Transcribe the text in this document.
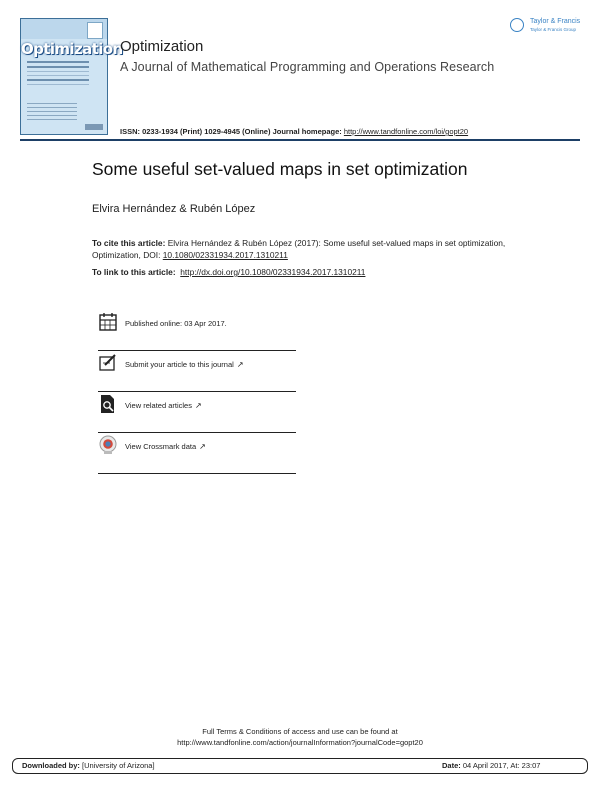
Optimization
Optimization
A Journal of Mathematical Programming and Operations Research
ISSN: 0233-1934 (Print) 1029-4945 (Online) Journal homepage: http://www.tandfonline.com/loi/gopt20
Taylor & Francis
Taylor & Francis Group
Some useful set-valued maps in set optimization
Elvira Hernández & Rubén López
To cite this article: Elvira Hernández & Rubén López (2017): Some useful set-valued maps in set optimization, Optimization, DOI: 10.1080/02331934.2017.1310211
To link to this article: http://dx.doi.org/10.1080/02331934.2017.1310211
Published online: 03 Apr 2017.
Submit your article to this journal ↗
View related articles ↗
View Crossmark data ↗
Full Terms & Conditions of access and use can be found at
http://www.tandfonline.com/action/journalInformation?journalCode=gopt20
Downloaded by: [University of Arizona]	Date: 04 April 2017, At: 23:07
